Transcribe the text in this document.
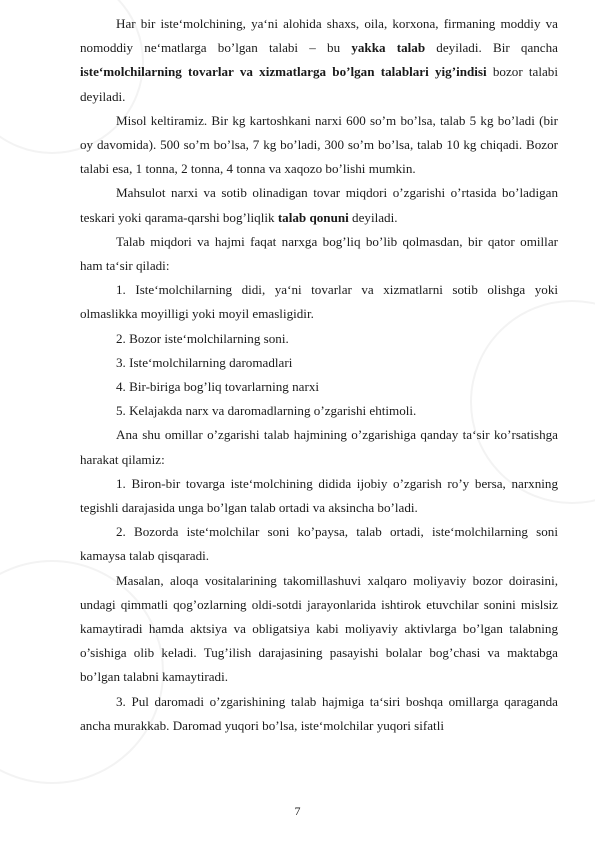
Har bir iste‘molchining, ya‘ni alohida shaxs, oila, korxona, firmaning moddiy va nomoddiy ne‘matlarga bo’lgan talabi – bu yakka talab deyiladi. Bir qancha iste‘molchilarning tovarlar va xizmatlarga bo’lgan talablari yig’indisi bozor talabi deyiladi.

Misol keltiramiz. Bir kg kartoshkani narxi 600 so’m bo’lsa, talab 5 kg bo’ladi (bir oy davomida). 500 so’m bo’lsa, 7 kg bo’ladi, 300 so’m bo’lsa, talab 10 kg chiqadi. Bozor talabi esa, 1 tonna, 2 tonna, 4 tonna va xaqozo bo’lishi mumkin.

Mahsulot narxi va sotib olinadigan tovar miqdori o’zgarishi o’rtasida bo’ladigan teskari yoki qarama-qarshi bog’liqlik talab qonuni deyiladi.

Talab miqdori va hajmi faqat narxga bog’liq bo’lib qolmasdan, bir qator omillar ham ta‘sir qiladi:

1. Iste‘molchilarning didi, ya‘ni tovarlar va xizmatlarni sotib olishga yoki olmaslikka moyilligi yoki moyil emasligidir.

2. Bozor iste‘molchilarning soni.

3. Iste‘molchilarning daromadlari

4. Bir-biriga bog’liq tovarlarning narxi

5. Kelajakda narx va daromadlarning o’zgarishi ehtimoli.

Ana shu omillar o’zgarishi talab hajmining o’zgarishiga qanday ta‘sir ko’rsatishga harakat qilamiz:

1. Biron-bir tovarga iste‘molchining didida ijobiy o’zgarish ro’y bersa, narxning tegishli darajasida unga bo’lgan talab ortadi va aksincha bo’ladi.

2. Bozorda iste‘molchilar soni ko’paysa, talab ortadi, iste‘molchilarning soni kamaysa talab qisqaradi.

Masalan, aloqa vositalarining takomillashuvi xalqaro moliyaviy bozor doirasini, undagi qimmatli qog’ozlarning oldi-sotdi jarayonlarida ishtirok etuvchilar sonini mislsiz kamaytiradi hamda aktsiya va obligatsiya kabi moliyaviy aktivlarga bo’lgan talabning o’sishiga olib keladi. Tug’ilish darajasining pasayishi bolalar bog’chasi va maktabga bo’lgan talabni kamaytiradi.

3. Pul daromadi o’zgarishining talab hajmiga ta‘siri boshqa omillarga qaraganda ancha murakkab. Daromad yuqori bo’lsa, iste‘molchilar yuqori sifatli

7
